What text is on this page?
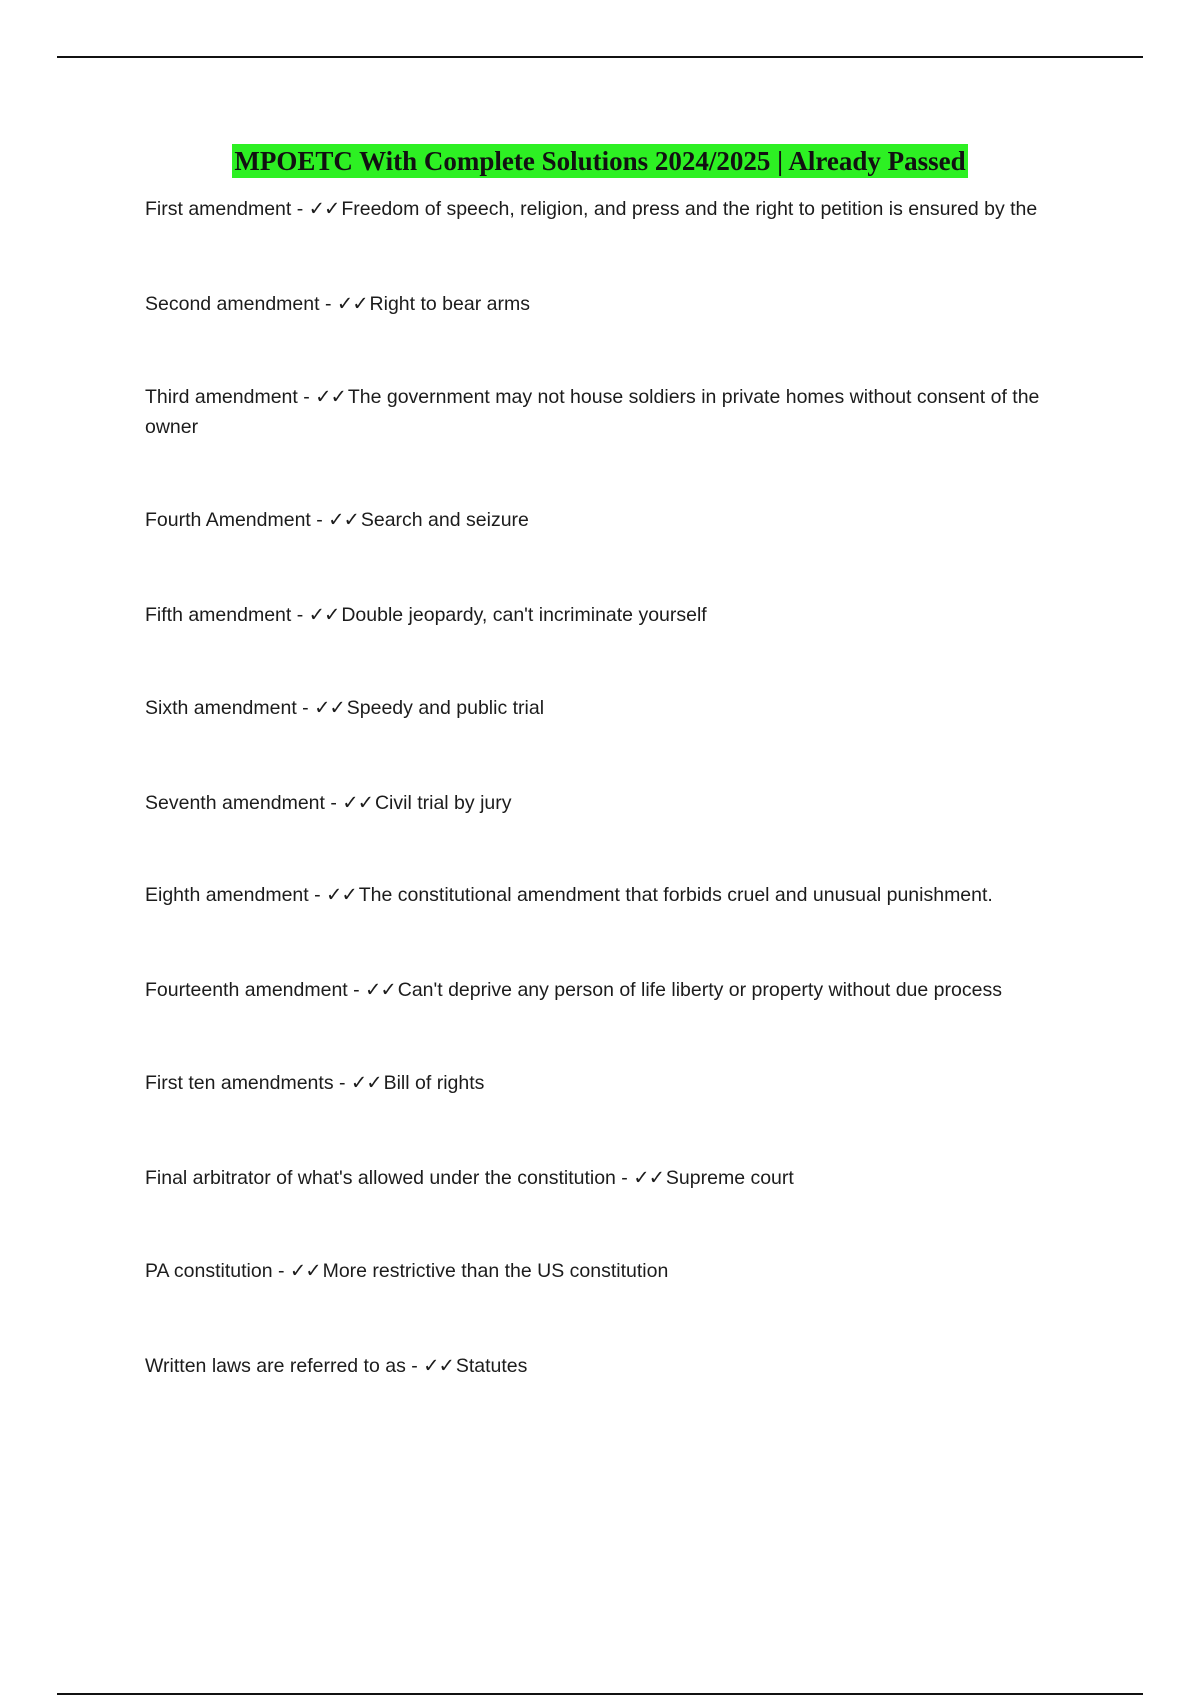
MPOETC With Complete Solutions 2024/2025 | Already Passed
First amendment - ✓✓ Freedom of speech, religion, and press and the right to petition is ensured by the
Second amendment - ✓✓ Right to bear arms
Third amendment - ✓✓ The government may not house soldiers in private homes without consent of the owner
Fourth Amendment - ✓✓ Search and seizure
Fifth amendment - ✓✓ Double jeopardy, can't incriminate yourself
Sixth amendment - ✓✓ Speedy and public trial
Seventh amendment - ✓✓ Civil trial by jury
Eighth amendment - ✓✓ The constitutional amendment that forbids cruel and unusual punishment.
Fourteenth amendment - ✓✓ Can't deprive any person of life liberty or property without due process
First ten amendments - ✓✓ Bill of rights
Final arbitrator of what's allowed under the constitution - ✓✓ Supreme court
PA constitution - ✓✓ More restrictive than the US constitution
Written laws are referred to as - ✓✓ Statutes
